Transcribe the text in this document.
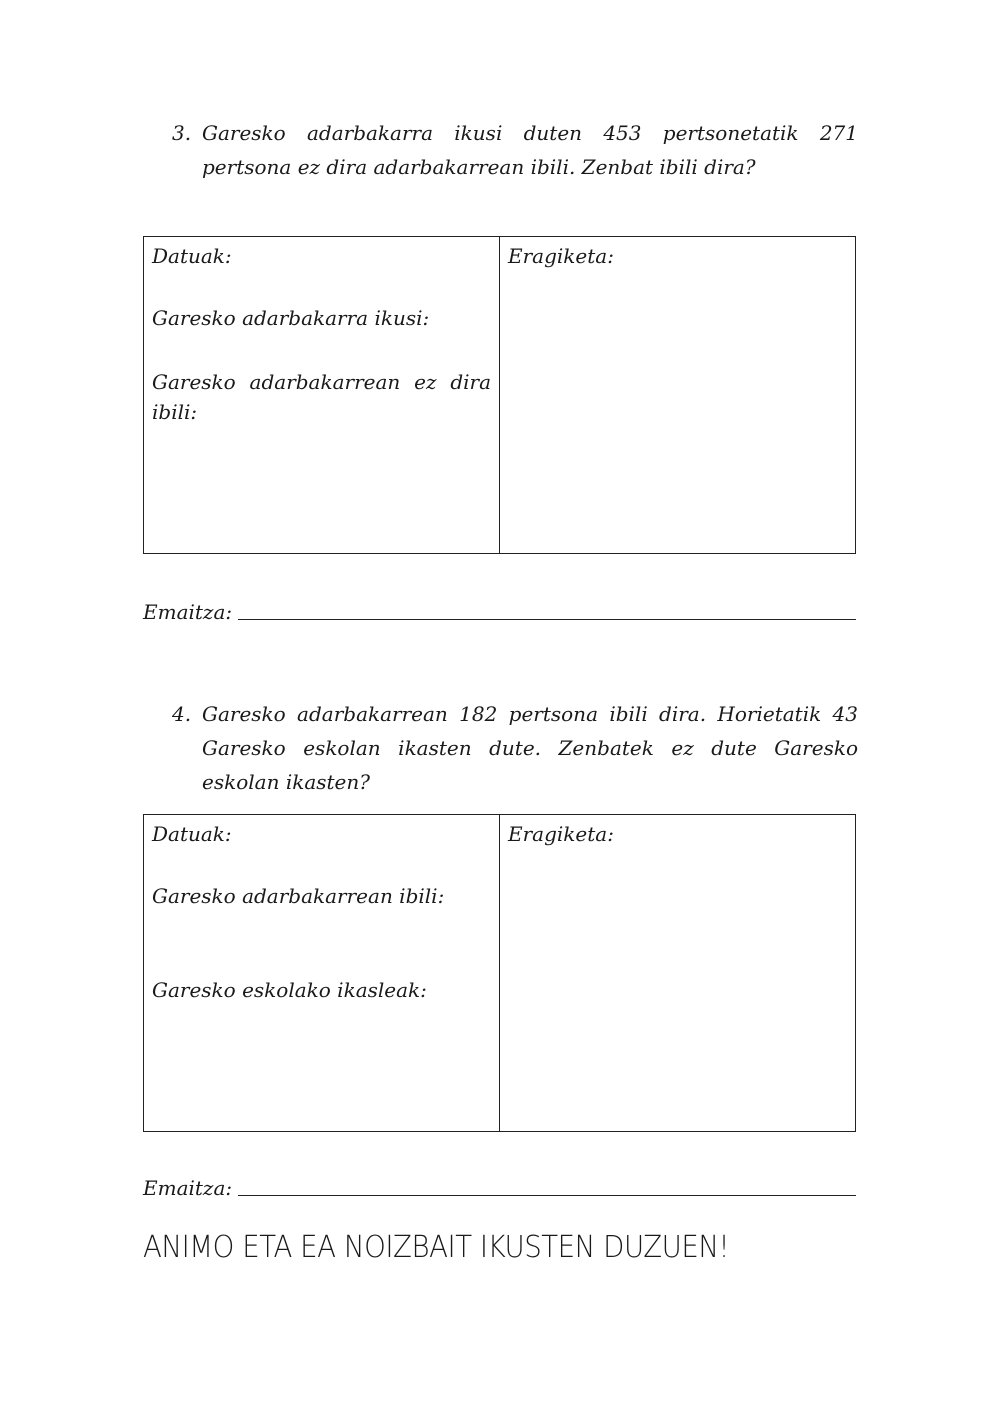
3. Garesko adarbakarra ikusi duten 453 pertsonetatik 271 pertsona ez dira adarbakarrean ibili. Zenbat ibili dira?

Datuak:

Garesko adarbakarra ikusi:

Garesko adarbakarrean ez dira ibili:

Eragiketa:

Emaitza:
4. Garesko adarbakarrean 182 pertsona ibili dira. Horietatik 43 Garesko eskolan ikasten dute. Zenbatek ez dute Garesko eskolan ikasten?

Datuak:

Garesko adarbakarrean ibili:

Garesko eskolako ikasleak:

Eragiketa:

Emaitza:
ANIMO ETA EA NOIZBAIT IKUSTEN DUZUEN!
